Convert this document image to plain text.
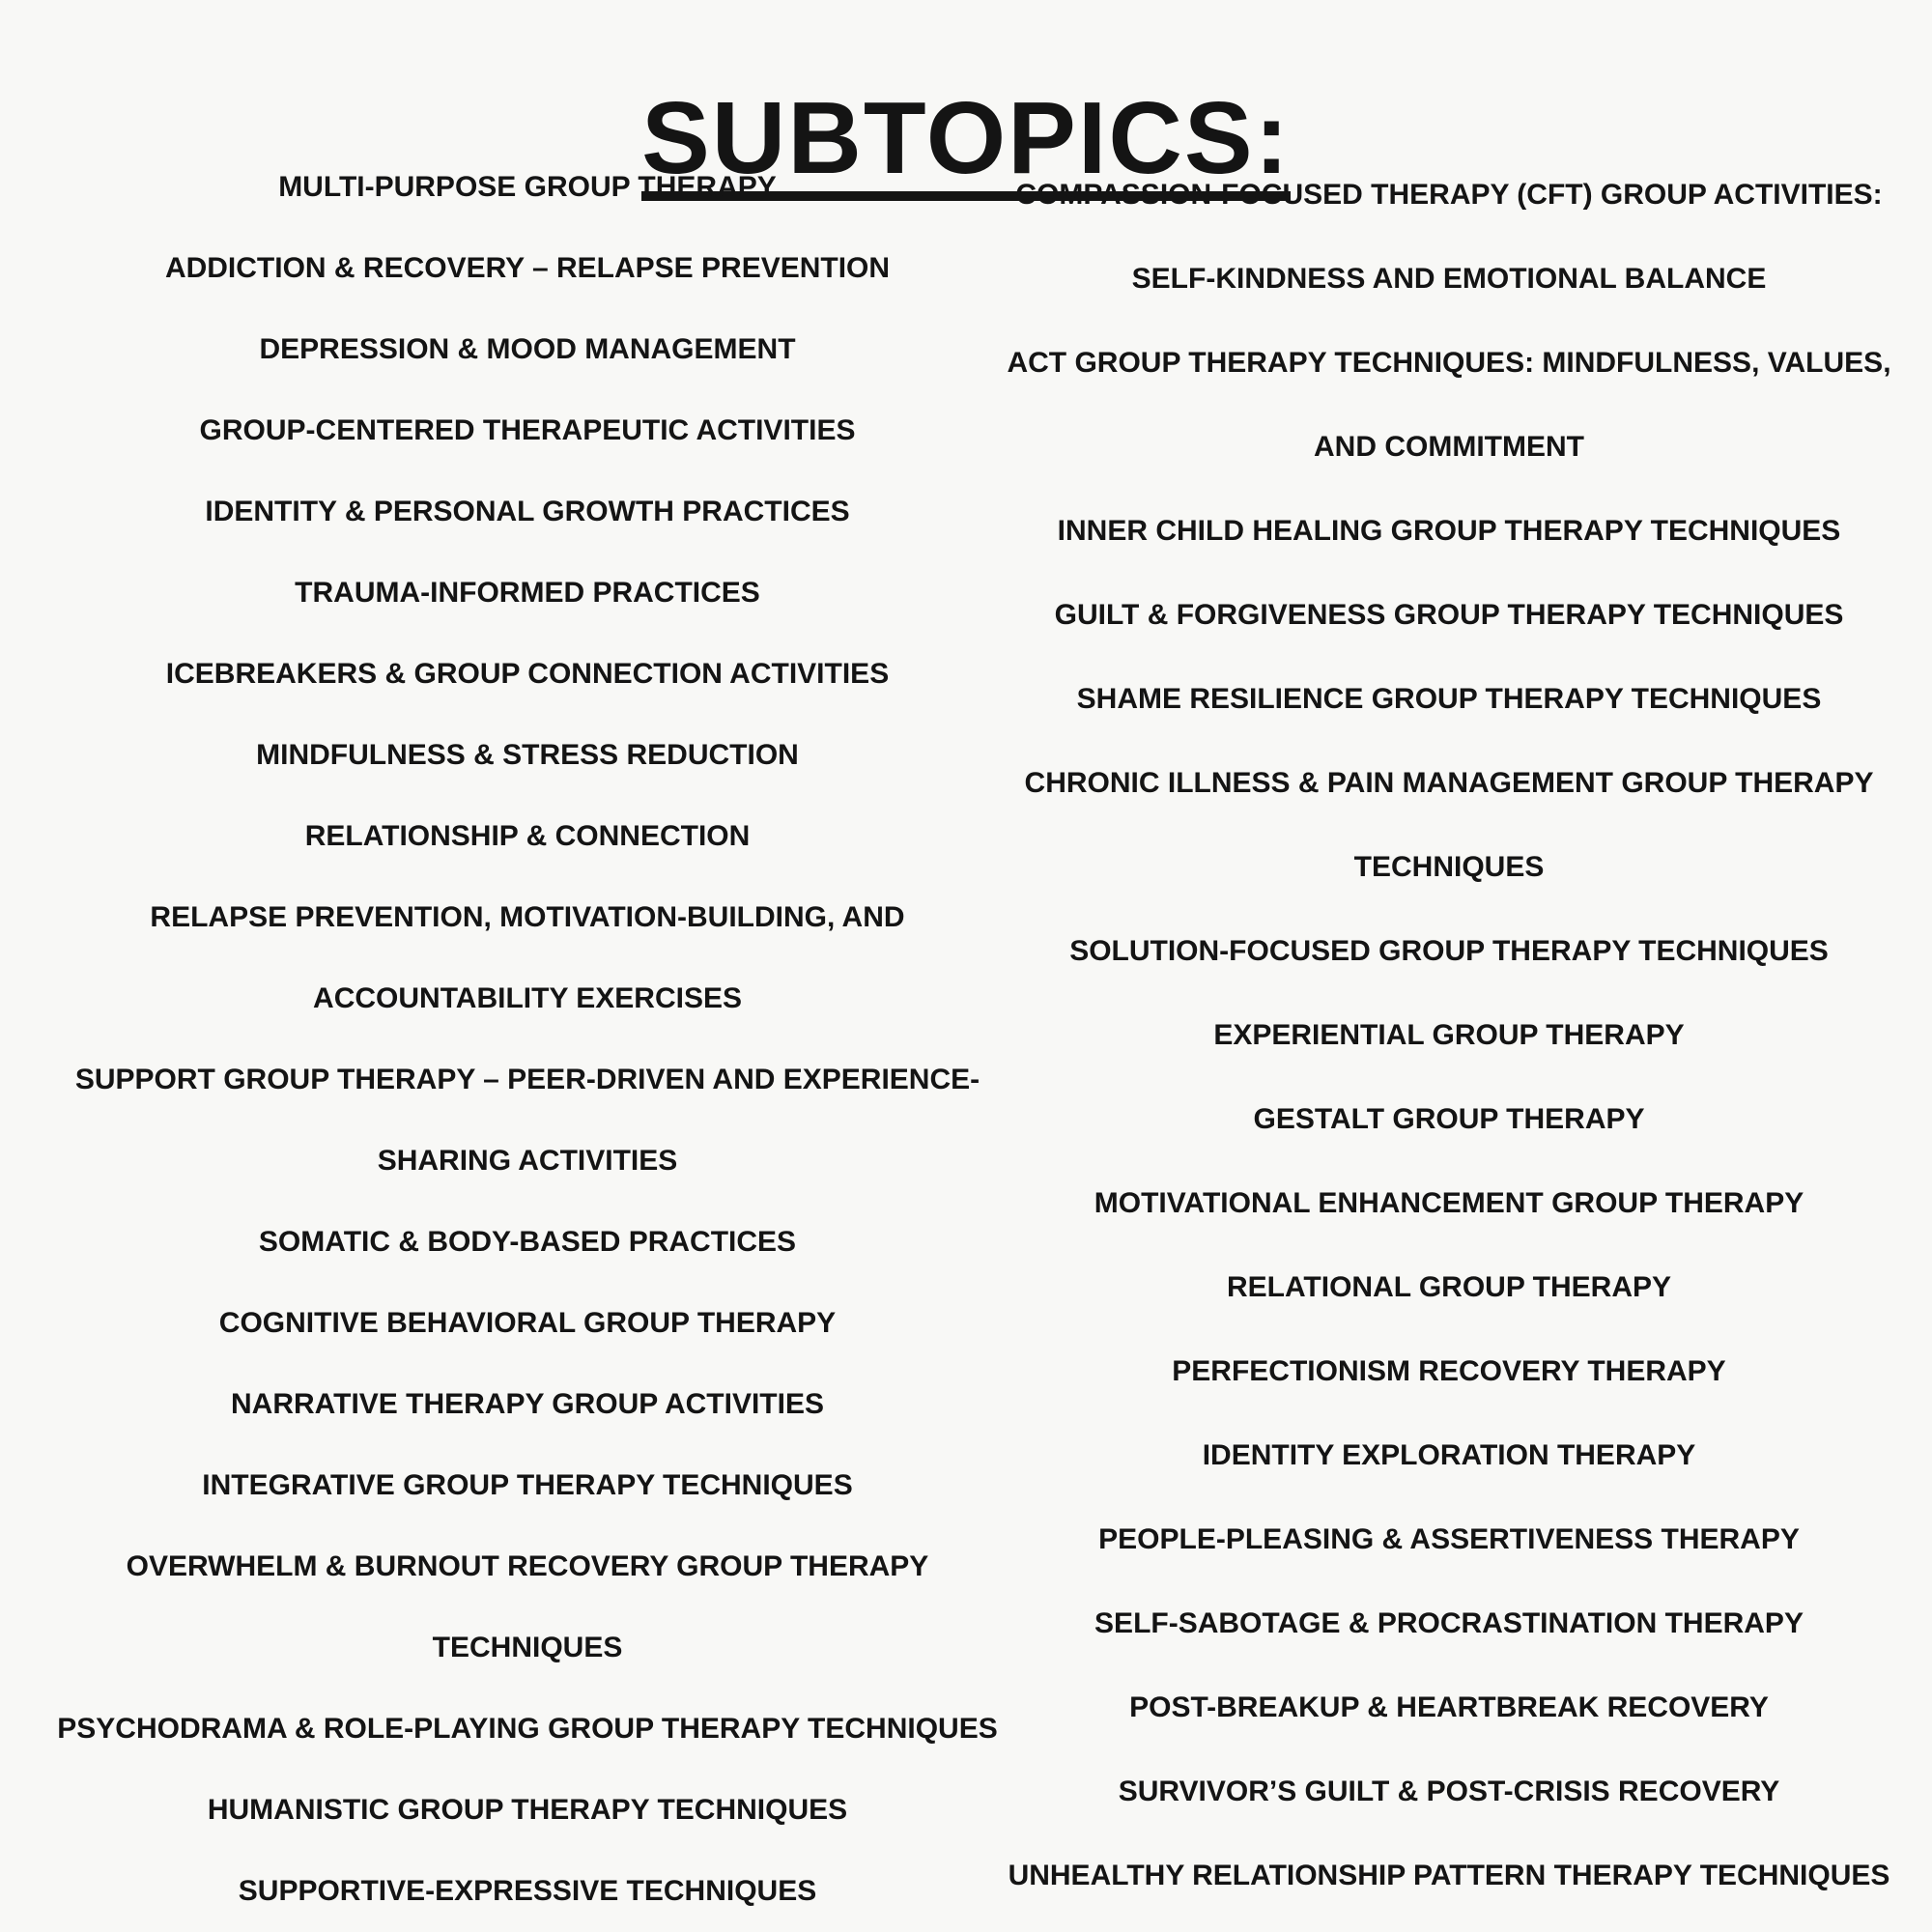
SUBTOPICS:
MULTI-PURPOSE GROUP THERAPY
ADDICTION & RECOVERY – RELAPSE PREVENTION
DEPRESSION & MOOD MANAGEMENT
GROUP-CENTERED THERAPEUTIC ACTIVITIES
IDENTITY & PERSONAL GROWTH PRACTICES
TRAUMA-INFORMED PRACTICES
ICEBREAKERS & GROUP CONNECTION ACTIVITIES
MINDFULNESS & STRESS REDUCTION
RELATIONSHIP & CONNECTION
RELAPSE PREVENTION, MOTIVATION-BUILDING, AND
ACCOUNTABILITY EXERCISES
SUPPORT GROUP THERAPY – PEER-DRIVEN AND EXPERIENCE-
SHARING ACTIVITIES
SOMATIC & BODY-BASED PRACTICES
COGNITIVE BEHAVIORAL GROUP THERAPY
NARRATIVE THERAPY GROUP ACTIVITIES
INTEGRATIVE GROUP THERAPY TECHNIQUES
OVERWHELM & BURNOUT RECOVERY GROUP THERAPY
TECHNIQUES
PSYCHODRAMA & ROLE-PLAYING GROUP THERAPY TECHNIQUES
HUMANISTIC GROUP THERAPY TECHNIQUES
SUPPORTIVE-EXPRESSIVE TECHNIQUES
COMPASSION-FOCUSED THERAPY (CFT) GROUP ACTIVITIES:
SELF-KINDNESS AND EMOTIONAL BALANCE
ACT GROUP THERAPY TECHNIQUES: MINDFULNESS, VALUES,
AND COMMITMENT
INNER CHILD HEALING GROUP THERAPY TECHNIQUES
GUILT & FORGIVENESS GROUP THERAPY TECHNIQUES
SHAME RESILIENCE GROUP THERAPY TECHNIQUES
CHRONIC ILLNESS & PAIN MANAGEMENT GROUP THERAPY
TECHNIQUES
SOLUTION-FOCUSED GROUP THERAPY TECHNIQUES
EXPERIENTIAL GROUP THERAPY
GESTALT GROUP THERAPY
MOTIVATIONAL ENHANCEMENT GROUP THERAPY
RELATIONAL GROUP THERAPY
PERFECTIONISM RECOVERY THERAPY
IDENTITY EXPLORATION THERAPY
PEOPLE-PLEASING & ASSERTIVENESS THERAPY
SELF-SABOTAGE & PROCRASTINATION THERAPY
POST-BREAKUP & HEARTBREAK RECOVERY
SURVIVOR’S GUILT & POST-CRISIS RECOVERY
UNHEALTHY RELATIONSHIP PATTERN THERAPY TECHNIQUES
